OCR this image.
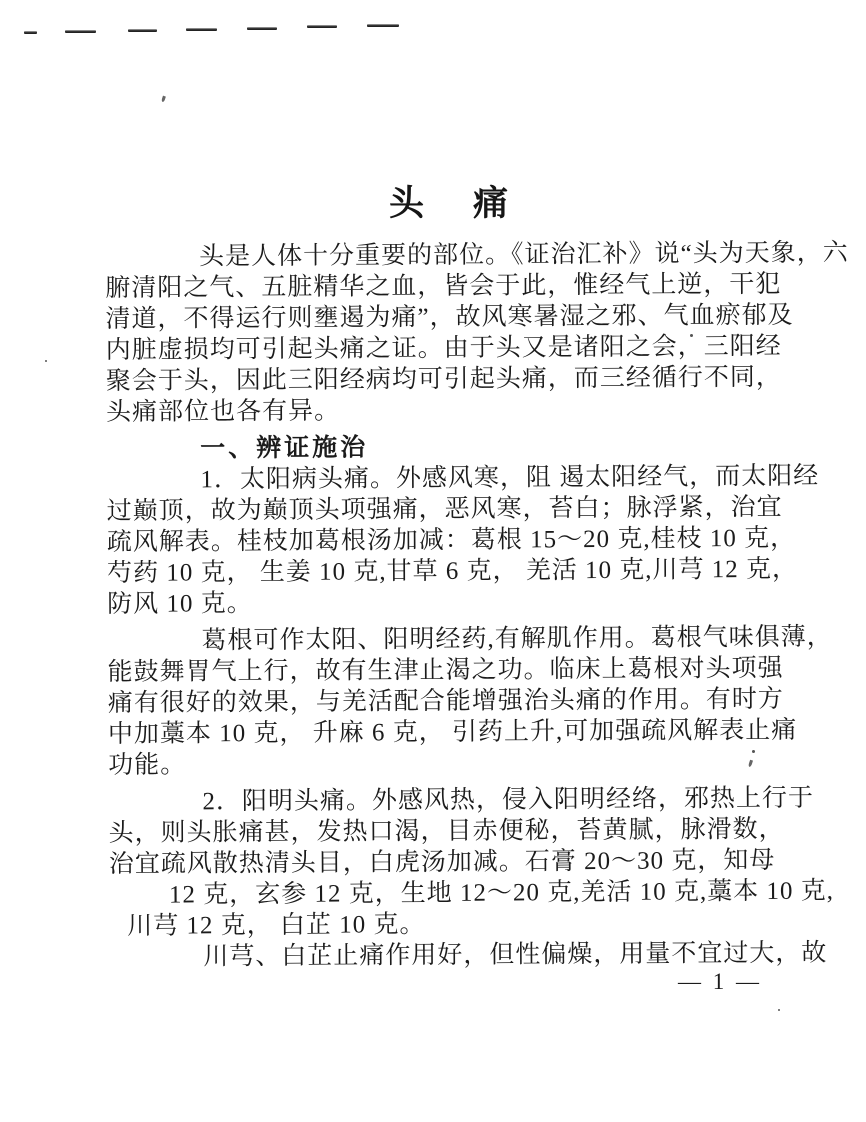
头 痛
头是人体十分重要的部位。《证治汇补》说“头为天象，六
腑清阳之气、五脏精华之血，皆会于此，惟经气上逆，干犯
清道，不得运行则壅遏为痛”，故风寒暑湿之邪、气血瘀郁及
内脏虚损均可引起头痛之证。由于头又是诸阳之会，三阳经
聚会于头，因此三阳经病均可引起头痛，而三经循行不同，
头痛部位也各有异。
一、辨证施治
1．太阳病头痛。外感风寒，阻 遏太阳经气，而太阳经
过巅顶，故为巅顶头项强痛，恶风寒，苔白；脉浮紧，治宜
疏风解表。桂枝加葛根汤加减：葛根 15～20 克,桂枝 10 克，
芍药 10 克， 生姜 10 克,甘草 6 克， 羌活 10 克,川芎 12 克，
防风 10 克。
葛根可作太阳、阳明经药,有解肌作用。葛根气味俱薄，
能鼓舞胃气上行，故有生津止渴之功。临床上葛根对头项强
痛有很好的效果，与羌活配合能增强治头痛的作用。有时方
中加藁本 10 克， 升麻 6 克， 引药上升,可加强疏风解表止痛
功能。
2．阳明头痛。外感风热，侵入阳明经络，邪热上行于
头，则头胀痛甚，发热口渴，目赤便秘，苔黄腻，脉滑数，
治宜疏风散热清头目，白虎汤加减。石膏 20～30 克，知母
12 克，玄参 12 克，生地 12～20 克,羌活 10 克,藁本 10 克,
川芎 12 克， 白芷 10 克。
川芎、白芷止痛作用好，但性偏燥，用量不宜过大，故
— 1 —
